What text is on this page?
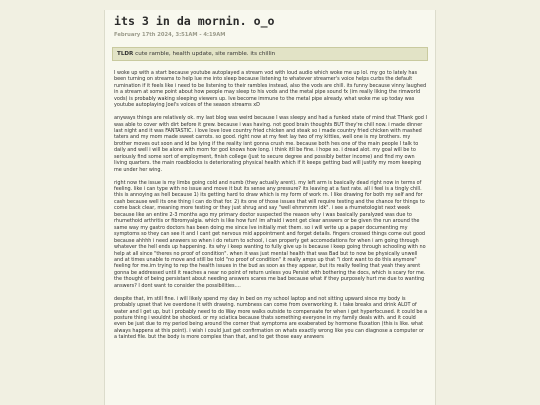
its 3 in da mornin. o_o
February 17th 2024, 3:51AM - 4:19AM
TLDR cute ramble, health update, site ramble. its chillin

I woke up with a start because youtube autoplayed a stream vod with loud audio which woke me up lol. my go to lately has been turning on streams to help lue me into sleep because listening to whatever streamer's voice helps curbs the default rumination if it feels like i need to be listening to their rambles instead, also the vods are chill. its funny because vinny laughed in a stream at some point about how people may sleep to his vods and the metal pipe sound fx (im really liking the rimworld vods) is probably waking sleeping viewers up. Ive become immune to the metal pipe already. what woke me up today was youtube autoplaying Joel's voices of the season streams xD

anyways things are relatively ok. my last blog was weird because I was sleepy and had a funked state of mind that THank god I was able to cover with dirt before it grew. because i was having. not good brain thoughts BUT they're chill now. i made dinner last night and it was FANTASTIC. i love love love country fried chicken and steak so i made country fried chicken with mashed taters and my mom made sweet carrots. so good. right now at my feet lay two of my kitties, well one is my brothers. my brother moves out soon and Id be lying if the reality isnt gonna crush me. because both hes one of the main people I talk to daily and well i will be alone with mom for god knows how long. i think itll be fine. i hope so. i dread alot. my goal will be to seriously find some sort of employment, finish college (just to secure degree and possibly better income) and find my own living quarters. the main roadblocks is deteriorating physical health which if it keeps getting bad will justify my mom keeping me under her wing.

right now the issue is my limbs going cold and numb (they actually arent). my left arm is basically dead right now in terms of feeling. like i can type with no issue and move it but its sense any pressure? its leaving at a fast rate. all i feel is a tingly chill. this is annoying as hell because 1) its getting hard to draw which is my form of work rn. I like drawing for both my self and for cash because well its one thing i can do that for. 2) its one of those issues that will require testing and the chance for things to come back clear, meaning more testing or they just shrug and say "well ehmmmm idk". i see a rhumetologist next week because like an entire 2-3 months ago my primary doctor suspected the reason why i was basically paralyzed was due to rhumethoid arthritis or fibromyalgia. which is like how fun! im afraid i wont get clear answers or be given the run around the same way my gastro doctors has been doing me since Ive initially met them. so i will write up a paper documenting my symptoms so they can see it and I cant get nervous mid appointment and forget details. fingers crossed things come out good because ahhhh i need answers so when i do return to school, i can properly get accomodations for when i am going through whatever the hell ends up happening. its why i keep wanting to fully give up is because i keep going through schooling with no help at all since "theres no proof of condition". when it was just mental health that was Bad but to now be physically unwell and at times unable to move and still be told "no proof of condition" it really amps up that "i dont want to do this anymore" feeling for me.im trying to rep the health issues in the bud as soon as they appear, but its really feeling that yeah they arent gonna be addressed until it reaches a near no point of return unless you Persist with bothering the docs, which is scary for me. the thought of being persistant about needing answers scares me bad because what if they purposely hurt me due to wanting answers? I dont want to consider the possibilities....

despite that, im still fine. i will likely spend my day in bed on my school laptop and not sitting upward since my body is probably upset that ive overdone it with drawing. numbness can come from overworking it. i take breaks and drink ALOT of water and I get up, but i probably need to do Way more walks outside to compensate for when i get hyperfocused. it could be a posture thing i wouldnt be shocked. or my sciatica because thats something everyone in my family deals with. and it could even be just due to my period being around the corner that symptoms are exaberated by hormone fluxation (this is like. what always happens at this point). i wish i could just get confirmation on whats exactly wrong like you can diagnose a computer or a tainted file. but the body is more complex than that, and to get those easy answers
